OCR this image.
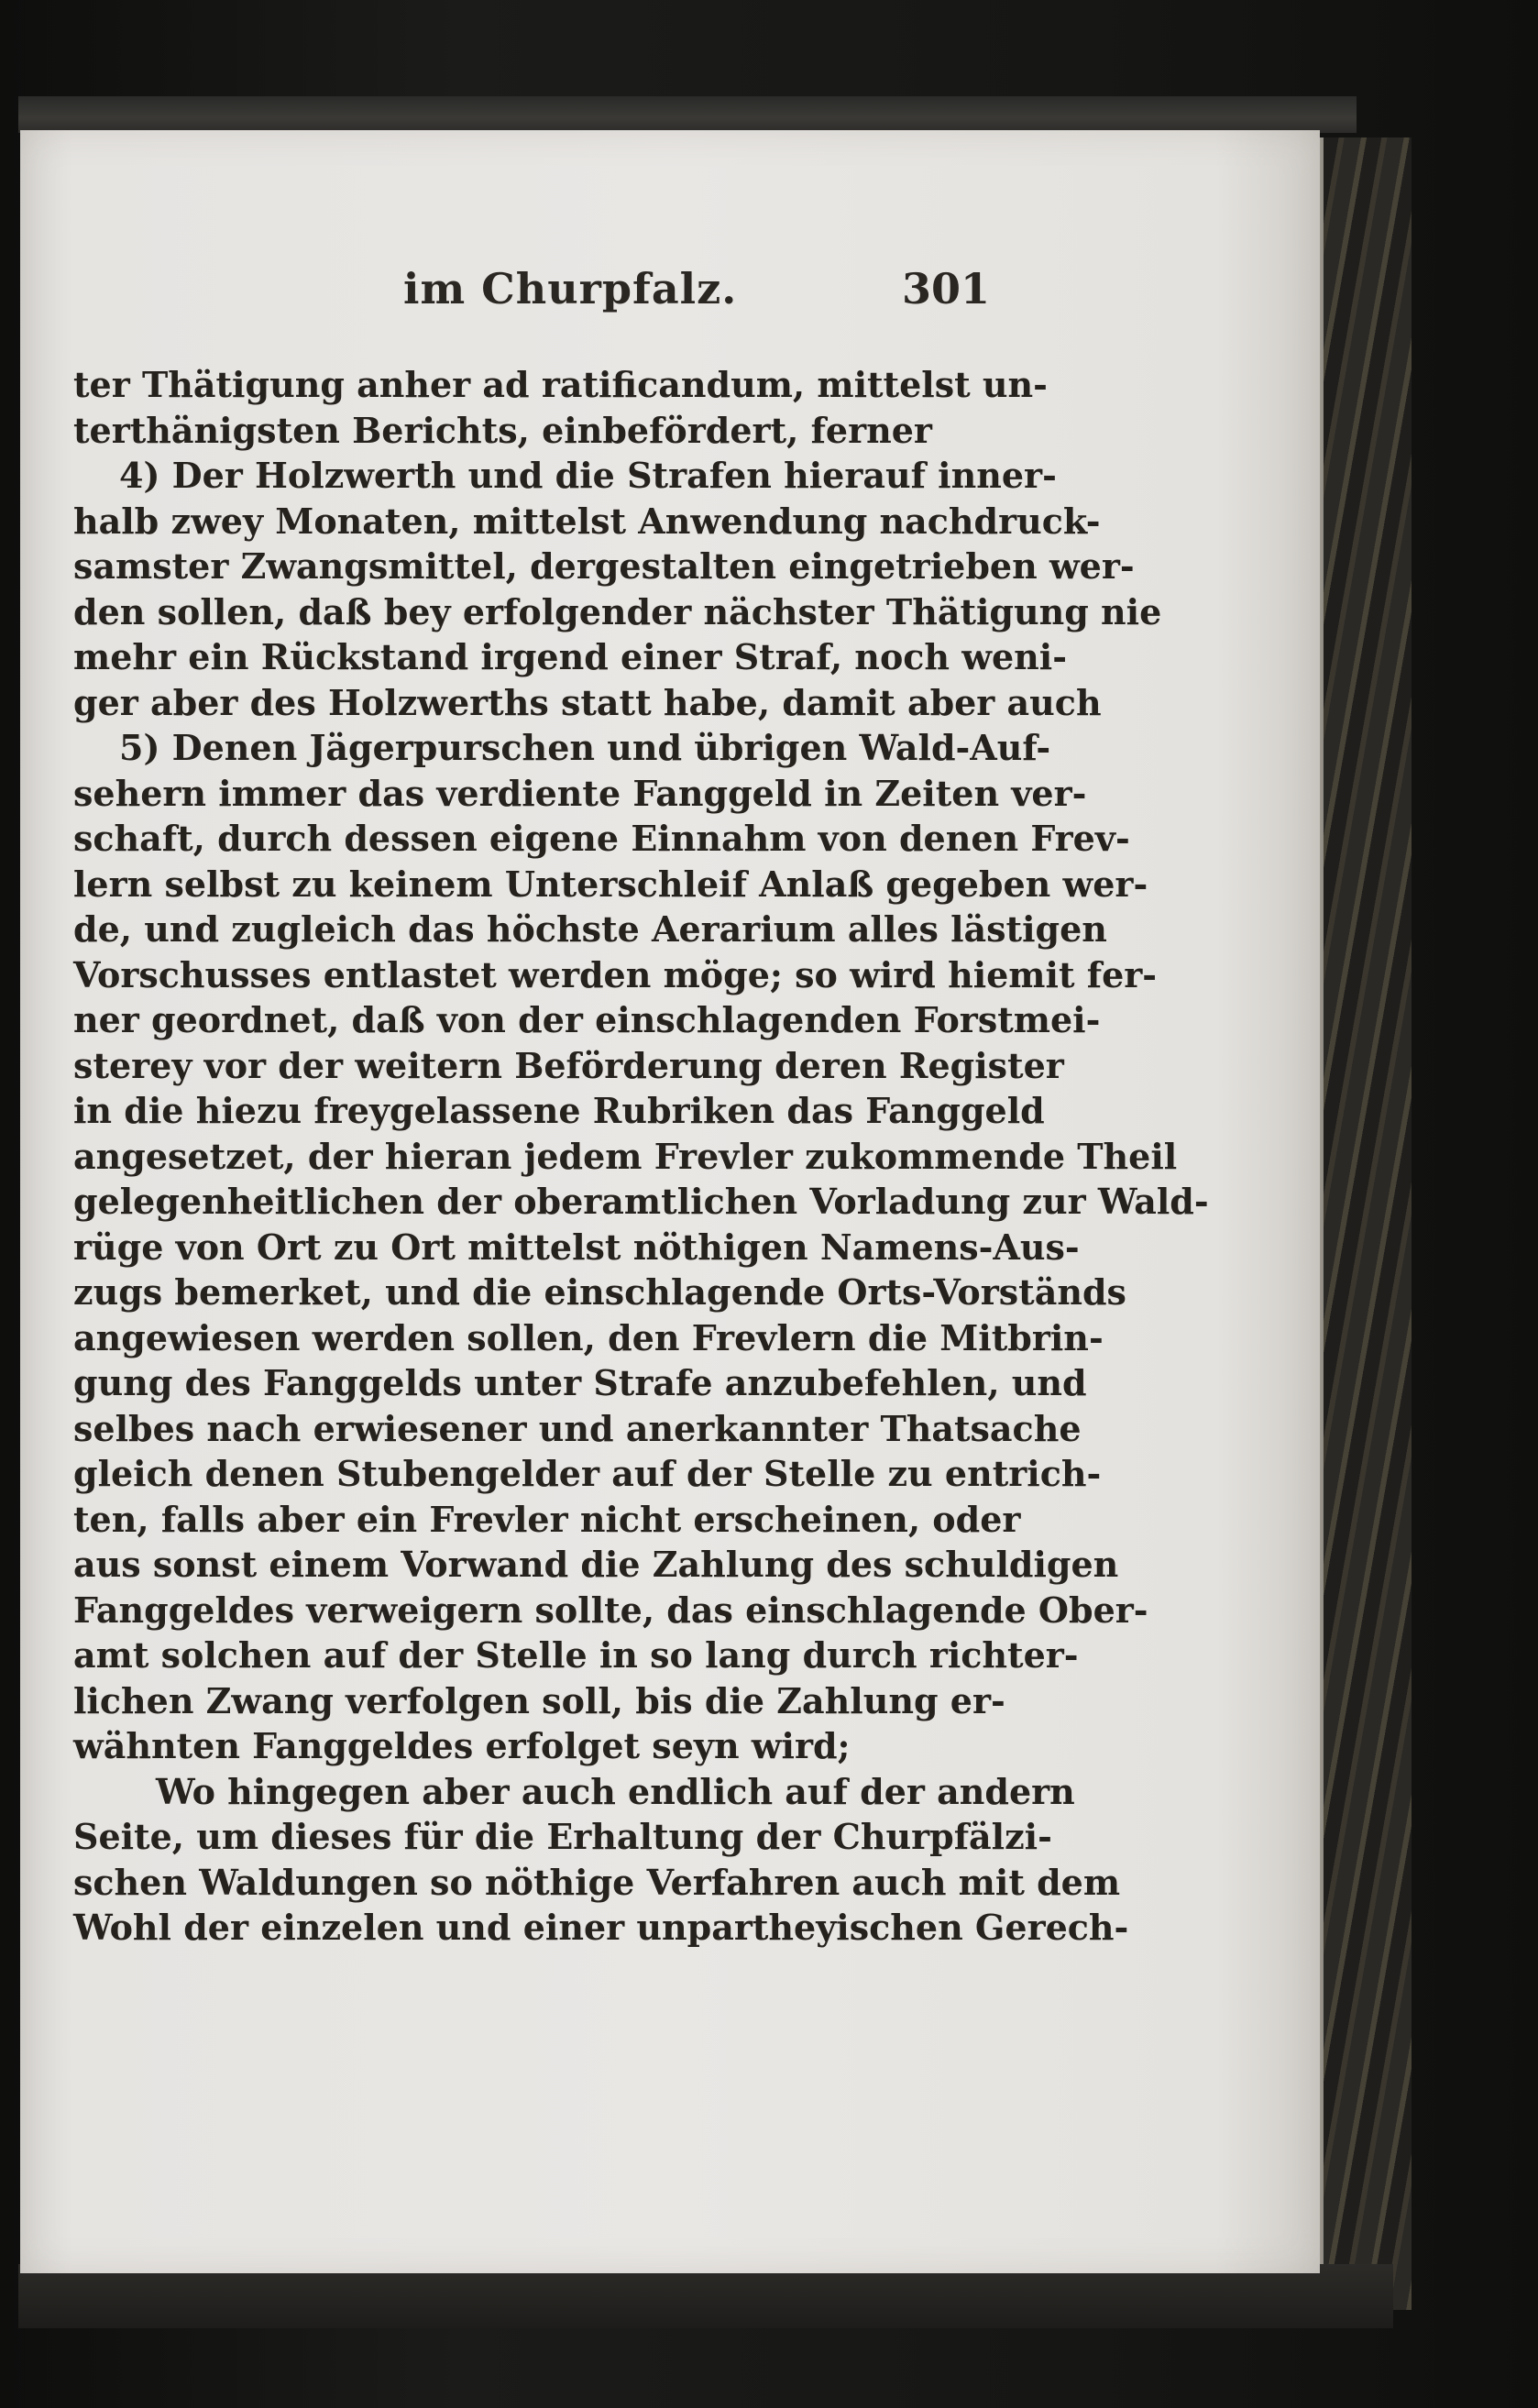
im Churpfalz.	301
ter Thätigung anher ad ratificandum, mittelst un-
terthänigsten Berichts, einbefördert, ferner
4) Der Holzwerth und die Strafen hierauf inner-
halb zwey Monaten, mittelst Anwendung nachdruck-
samster Zwangsmittel, dergestalten eingetrieben wer-
den sollen, daß bey erfolgender nächster Thätigung nie
mehr ein Rückstand irgend einer Straf, noch weni-
ger aber des Holzwerths statt habe, damit aber auch
5) Denen Jägerpurschen und übrigen Wald-Auf-
sehern immer das verdiente Fanggeld in Zeiten ver-
schaft, durch dessen eigene Einnahm von denen Frev-
lern selbst zu keinem Unterschleif Anlaß gegeben wer-
de, und zugleich das höchste Aerarium alles lästigen
Vorschusses entlastet werden möge; so wird hiemit fer-
ner geordnet, daß von der einschlagenden Forstmei-
sterey vor der weitern Beförderung deren Register
in die hiezu freygelassene Rubriken das Fanggeld
angesetzet, der hieran jedem Frevler zukommende Theil
gelegenheitlichen der oberamtlichen Vorladung zur Wald-
rüge von Ort zu Ort mittelst nöthigen Namens-Aus-
zugs bemerket, und die einschlagende Orts-Vorständs
angewiesen werden sollen, den Frevlern die Mitbrin-
gung des Fanggelds unter Strafe anzubefehlen, und
selbes nach erwiesener und anerkannter Thatsache
gleich denen Stubengelder auf der Stelle zu entrich-
ten, falls aber ein Frevler nicht erscheinen, oder
aus sonst einem Vorwand die Zahlung des schuldigen
Fanggeldes verweigern sollte, das einschlagende Ober-
amt solchen auf der Stelle in so lang durch richter-
lichen Zwang verfolgen soll, bis die Zahlung er-
wähnten Fanggeldes erfolget seyn wird;
Wo hingegen aber auch endlich auf der andern
Seite, um dieses für die Erhaltung der Churpfälzi-
schen Waldungen so nöthige Verfahren auch mit dem
Wohl der einzelen und einer unpartheyischen Gerech-
